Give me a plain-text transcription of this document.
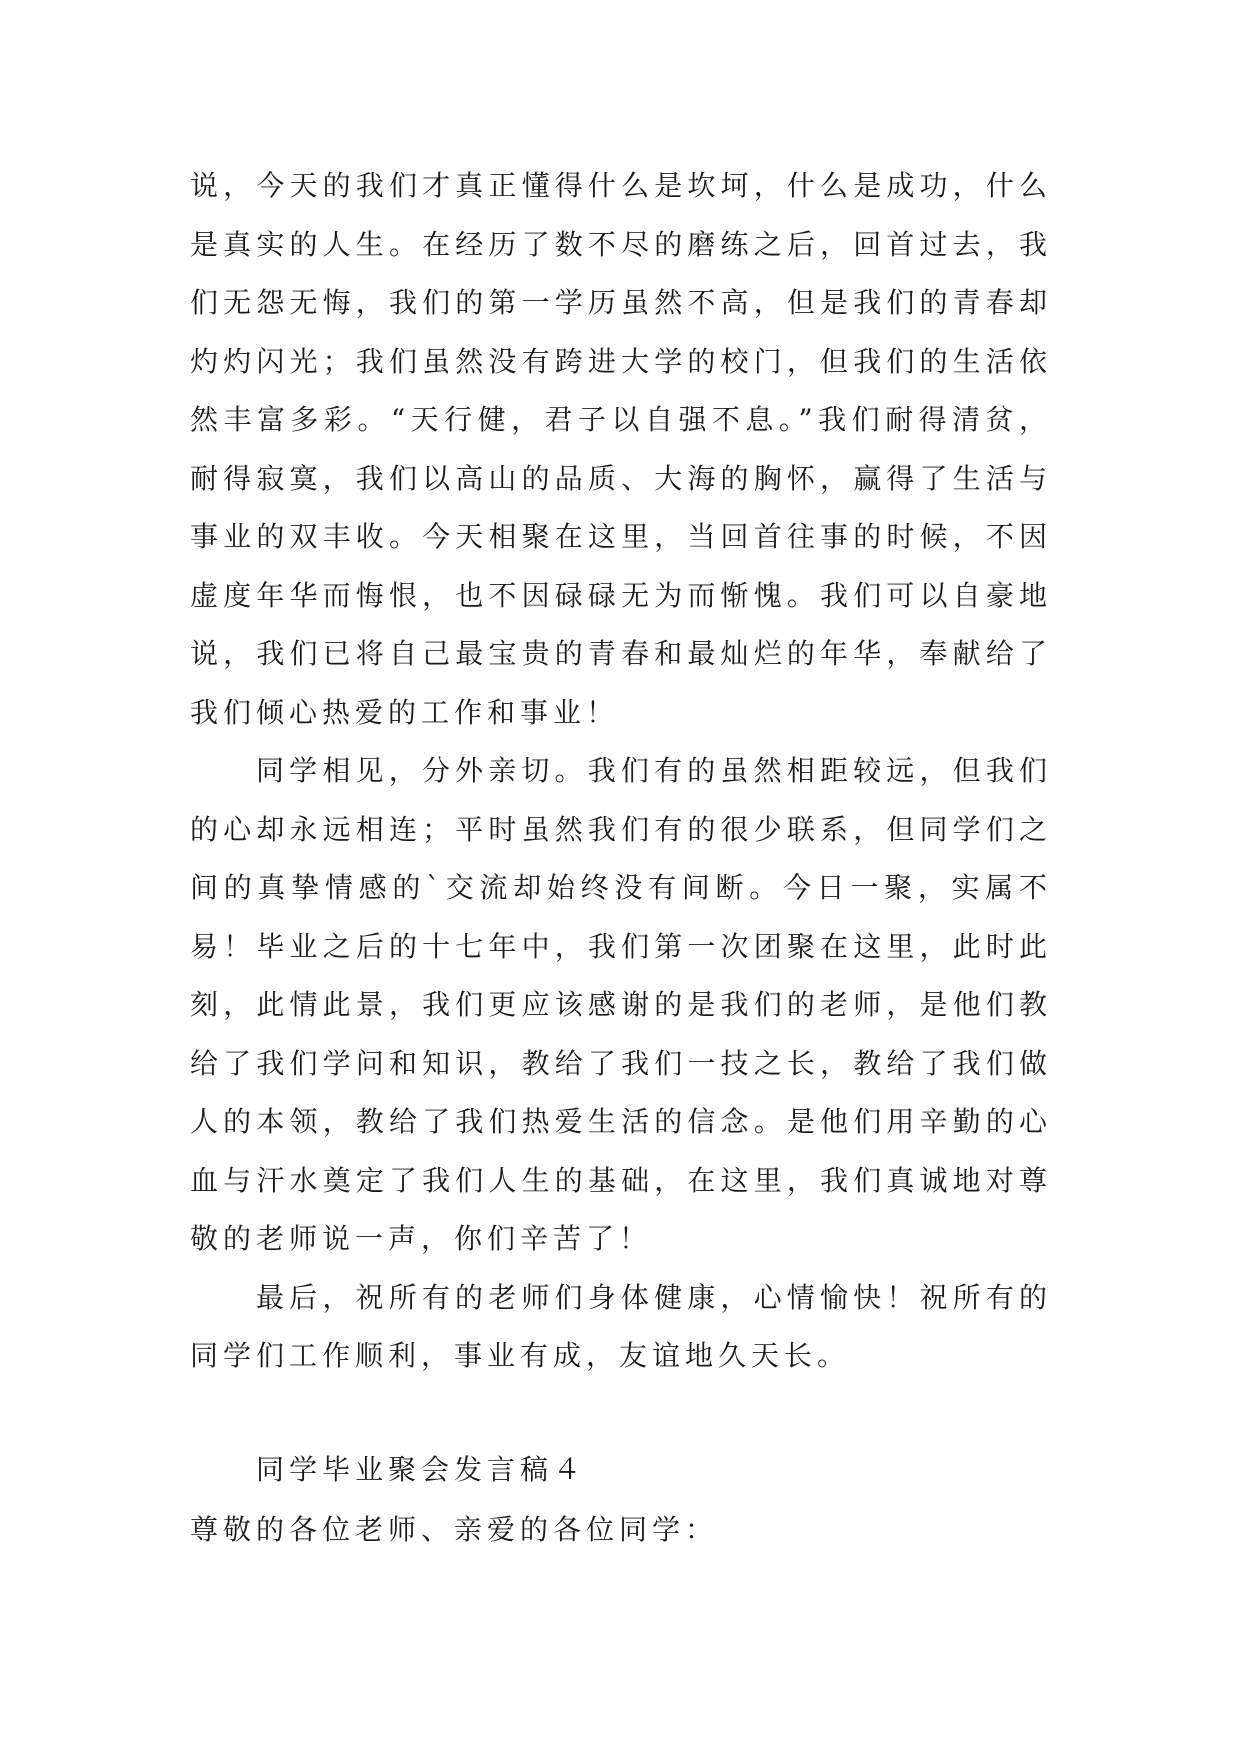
说，今天的我们才真正懂得什么是坎坷，什么是成功，什么是真实的人生。在经历了数不尽的磨练之后，回首过去，我们无怨无悔，我们的第一学历虽然不高，但是我们的青春却灼灼闪光；我们虽然没有跨进大学的校门，但我们的生活依然丰富多彩。“天行健，君子以自强不息。”我们耐得清贫，耐得寂寞，我们以高山的品质、大海的胸怀，赢得了生活与事业的双丰收。今天相聚在这里，当回首往事的时候，不因虚度年华而悔恨，也不因碌碌无为而惭愧。我们可以自豪地说，我们已将自己最宝贵的青春和最灿烂的年华，奉献给了我们倾心热爱的工作和事业！

同学相见，分外亲切。我们有的虽然相距较远，但我们的心却永远相连；平时虽然我们有的很少联系，但同学们之间的真挚情感的`交流却始终没有间断。今日一聚，实属不易！毕业之后的十七年中，我们第一次团聚在这里，此时此刻，此情此景，我们更应该感谢的是我们的老师，是他们教给了我们学问和知识，教给了我们一技之长，教给了我们做人的本领，教给了我们热爱生活的信念。是他们用辛勤的心血与汗水奠定了我们人生的基础，在这里，我们真诚地对尊敬的老师说一声，你们辛苦了！

最后，祝所有的老师们身体健康，心情愉快！祝所有的同学们工作顺利，事业有成，友谊地久天长。

同学毕业聚会发言稿４

尊敬的各位老师、亲爱的各位同学：
